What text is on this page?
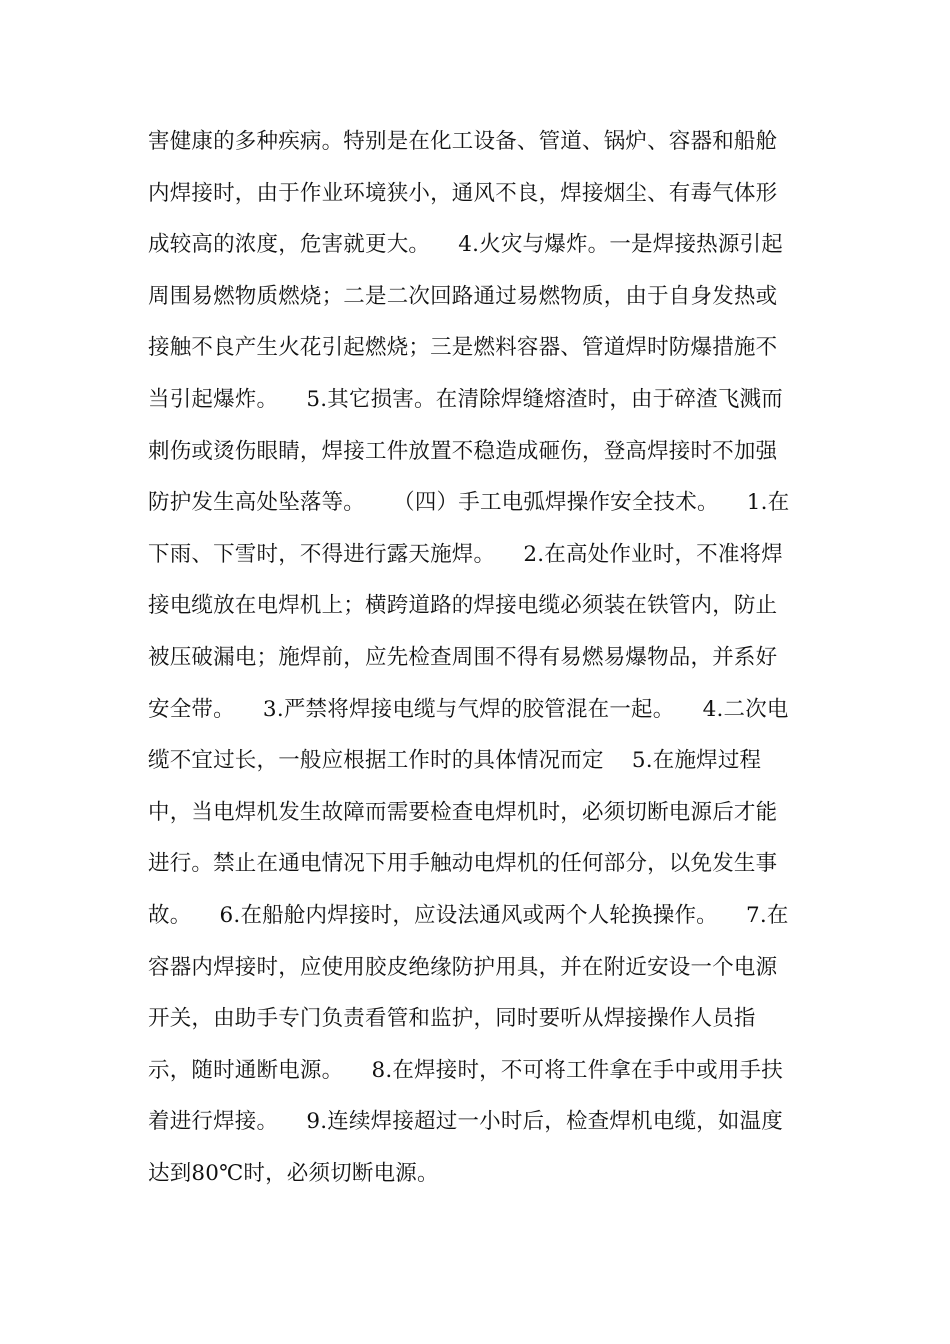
害健康的多种疾病。特别是在化工设备、管道、锅炉、容器和船舱
内焊接时，由于作业环境狭小，通风不良，焊接烟尘、有毒气体形
成较高的浓度，危害就更大。    4.火灾与爆炸。一是焊接热源引起
周围易燃物质燃烧；二是二次回路通过易燃物质，由于自身发热或
接触不良产生火花引起燃烧；三是燃料容器、管道焊时防爆措施不
当引起爆炸。    5.其它损害。在清除焊缝熔渣时，由于碎渣飞溅而
刺伤或烫伤眼睛，焊接工件放置不稳造成砸伤，登高焊接时不加强
防护发生高处坠落等。    （四）手工电弧焊操作安全技术。    1.在
下雨、下雪时，不得进行露天施焊。    2.在高处作业时，不准将焊
接电缆放在电焊机上；横跨道路的焊接电缆必须装在铁管内，防止
被压破漏电；施焊前，应先检查周围不得有易燃易爆物品，并系好
安全带。    3.严禁将焊接电缆与气焊的胶管混在一起。    4.二次电
缆不宜过长，一般应根据工作时的具体情况而定    5.在施焊过程
中，当电焊机发生故障而需要检查电焊机时，必须切断电源后才能
进行。禁止在通电情况下用手触动电焊机的任何部分，以免发生事
故。    6.在船舱内焊接时，应设法通风或两个人轮换操作。    7.在
容器内焊接时，应使用胶皮绝缘防护用具，并在附近安设一个电源
开关，由助手专门负责看管和监护，同时要听从焊接操作人员指
示，随时通断电源。    8.在焊接时，不可将工件拿在手中或用手扶
着进行焊接。    9.连续焊接超过一小时后，检查焊机电缆，如温度
达到80℃时，必须切断电源。
